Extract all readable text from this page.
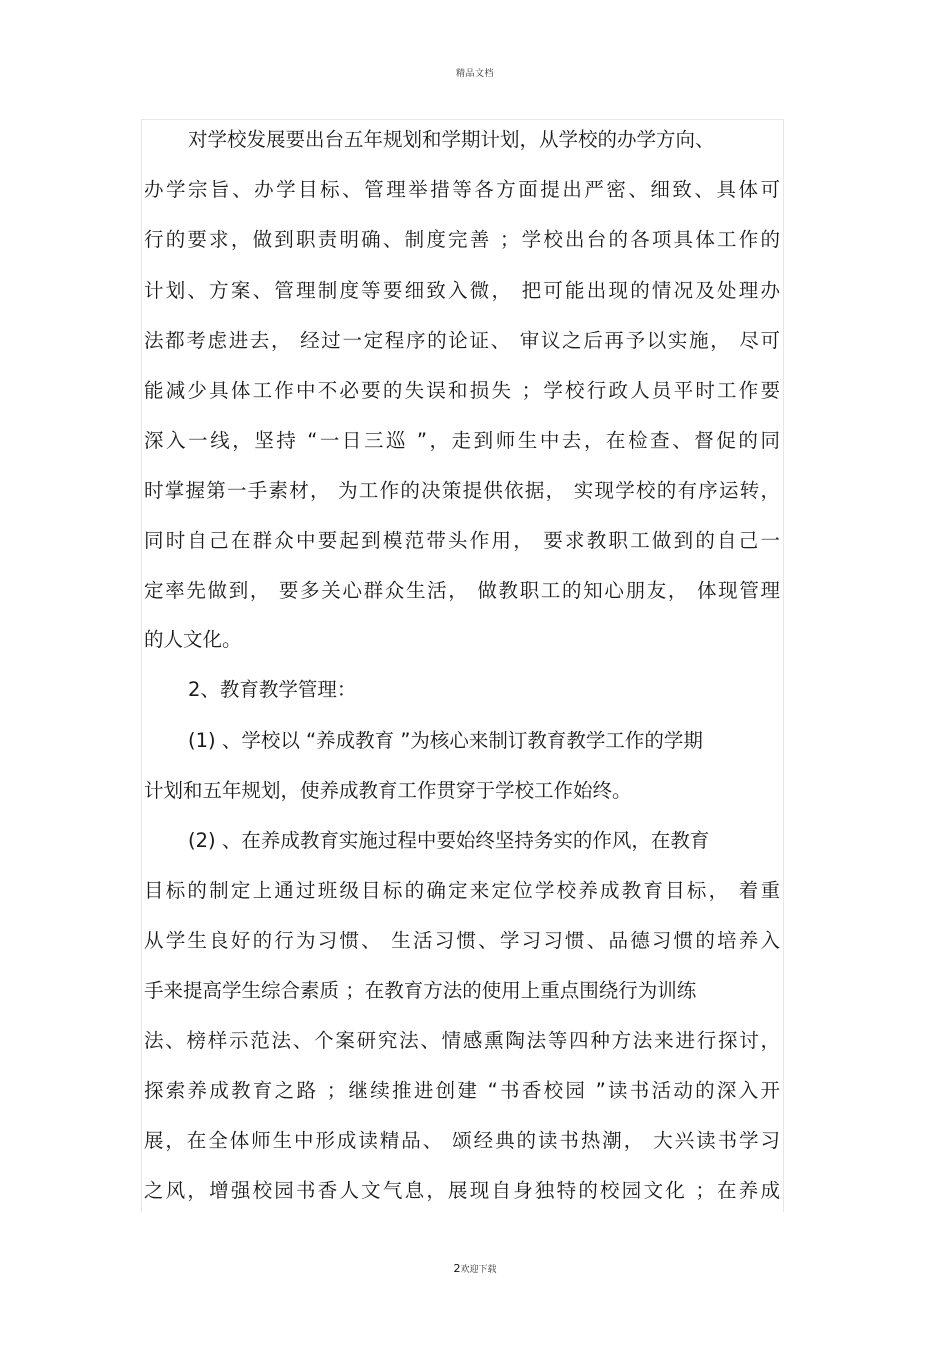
精品文档
对学校发展要出台五年规划和学期计划，从学校的办学方向、
办学宗旨、办学目标、管理举措等各方面提出严密、细致、具体可
行的要求，做到职责明确、制度完善 ；学校出台的各项具体工作的
计划、方案、管理制度等要细致入微， 把可能出现的情况及处理办
法都考虑进去， 经过一定程序的论证、 审议之后再予以实施， 尽可
能减少具体工作中不必要的失误和损失 ；学校行政人员平时工作要
深入一线，坚持 “一日三巡 ”，走到师生中去，在检查、督促的同
时掌握第一手素材， 为工作的决策提供依据， 实现学校的有序运转，
同时自己在群众中要起到模范带头作用， 要求教职工做到的自己一
定率先做到， 要多关心群众生活， 做教职工的知心朋友， 体现管理
的人文化。
2、教育教学管理：
(1) 、学校以 “养成教育 ”为核心来制订教育教学工作的学期
计划和五年规划，使养成教育工作贯穿于学校工作始终。
(2) 、在养成教育实施过程中要始终坚持务实的作风，在教育
目标的制定上通过班级目标的确定来定位学校养成教育目标， 着重
从学生良好的行为习惯、 生活习惯、学习习惯、品德习惯的培养入
手来提高学生综合素质 ；在教育方法的使用上重点围绕行为训练
法、榜样示范法、个案研究法、情感熏陶法等四种方法来进行探讨，
探索养成教育之路 ；继续推进创建 “书香校园 ”读书活动的深入开
展，在全体师生中形成读精品、 颂经典的读书热潮， 大兴读书学习
之风，增强校园书香人文气息，展现自身独特的校园文化 ；在养成
2欢迎下载
